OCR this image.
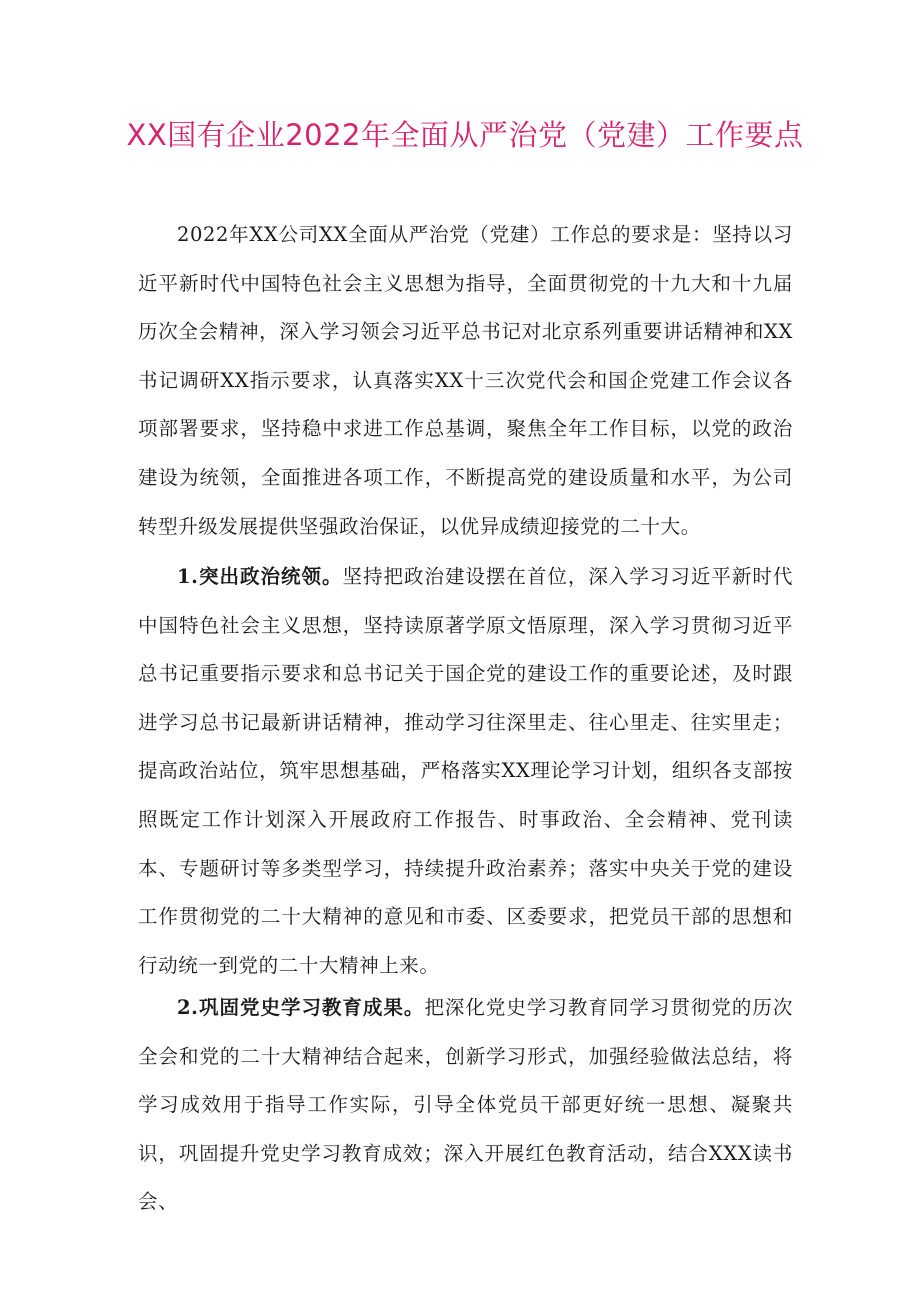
XX国有企业2022年全面从严治党（党建）工作要点

2022年XX公司XX全面从严治党（党建）工作总的要求是：坚持以习近平新时代中国特色社会主义思想为指导，全面贯彻党的十九大和十九届历次全会精神，深入学习领会习近平总书记对北京系列重要讲话精神和XX书记调研XX指示要求，认真落实XX十三次党代会和国企党建工作会议各项部署要求，坚持稳中求进工作总基调，聚焦全年工作目标，以党的政治建设为统领，全面推进各项工作，不断提高党的建设质量和水平，为公司转型升级发展提供坚强政治保证，以优异成绩迎接党的二十大。

1.突出政治统领。坚持把政治建设摆在首位，深入学习习近平新时代中国特色社会主义思想，坚持读原著学原文悟原理，深入学习贯彻习近平总书记重要指示要求和总书记关于国企党的建设工作的重要论述，及时跟进学习总书记最新讲话精神，推动学习往深里走、往心里走、往实里走；提高政治站位，筑牢思想基础，严格落实XX理论学习计划，组织各支部按照既定工作计划深入开展政府工作报告、时事政治、全会精神、党刊读本、专题研讨等多类型学习，持续提升政治素养；落实中央关于党的建设工作贯彻党的二十大精神的意见和市委、区委要求，把党员干部的思想和行动统一到党的二十大精神上来。

2.巩固党史学习教育成果。把深化党史学习教育同学习贯彻党的历次全会和党的二十大精神结合起来，创新学习形式，加强经验做法总结，将学习成效用于指导工作实际，引导全体党员干部更好统一思想、凝聚共识，巩固提升党史学习教育成效；深入开展红色教育活动，结合XXX读书会、
